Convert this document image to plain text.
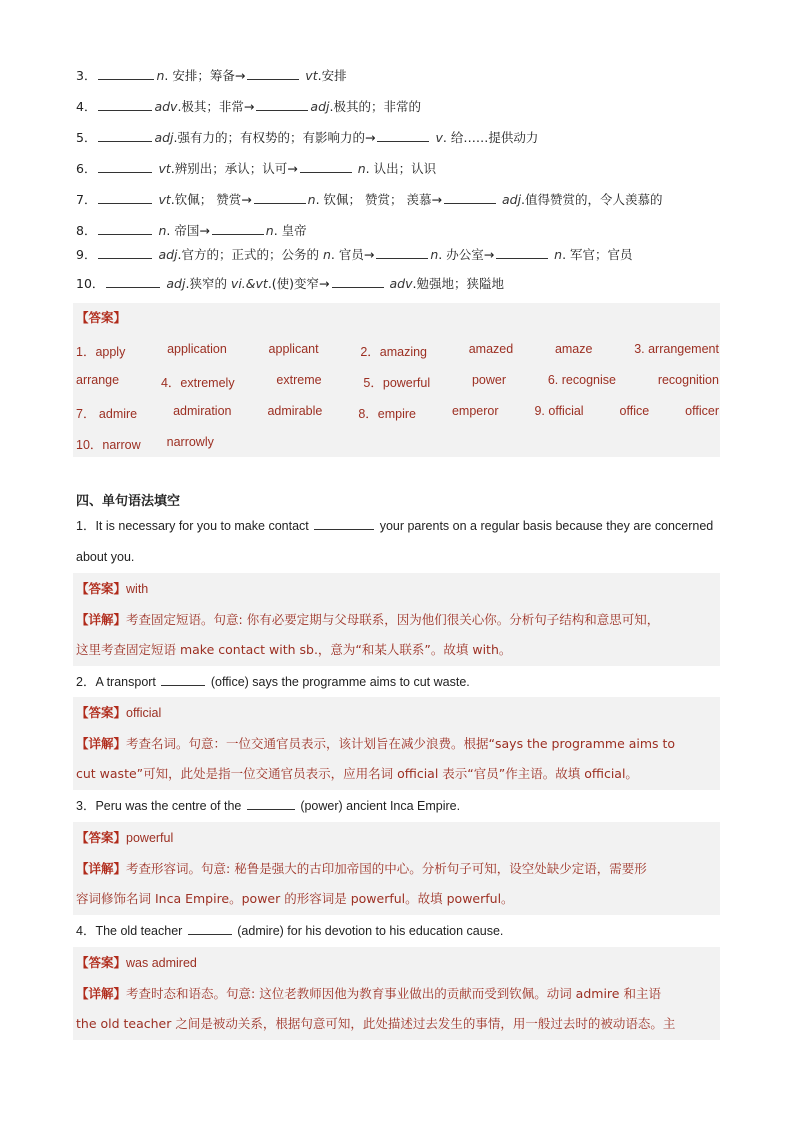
3．	n. 安排；筹备→	vt.安排
4．	adv.极其；非常→	adj.极其的；非常的
5．	adj.强有力的；有权势的；有影响力的→	v. 给……提供动力
6．	vt.辨别出；承认；认可→	n. 认出；认识
7．	vt.钦佩； 赞赏→	n. 钦佩； 赞赏； 羡慕→	adj.值得赞赏的，令人羡慕的
8．	n. 帝国→	n. 皇帝
9．	adj.官方的；正式的；公务的 n. 官员→	n. 办公室→	n. 军官；官员
10．	adj.狭窄的 vi.&vt.(使)变窄→	adv.勉强地；狭隘地
【答案】
1．apply	application	applicant	2．amazing	amazed	amaze	3. arrangement
arrange	4．extremely	extreme	5．powerful	power	6. recognise	recognition
7． admire	admiration	admirable	8．empire	emperor	9. official	office	officer
10．narrow narrowly
四、单句语法填空
1．It is necessary for you to make contact	your parents on a regular basis because they are concerned
about you.
【答案】with
【详解】考查固定短语。句意: 你有必要定期与父母联系，因为他们很关心你。分析句子结构和意思可知，
这里考查固定短语 make contact with sb.，意为“和某人联系”。故填 with。
2．A transport	(office) says the programme aims to cut waste.
【答案】official
【详解】考查名词。句意：一位交通官员表示，该计划旨在减少浪费。根据“says the programme aims to
cut waste”可知，此处是指一位交通官员表示，应用名词 official 表示“官员”作主语。故填 official。
3．Peru was the centre of the	(power) ancient Inca Empire.
【答案】powerful
【详解】考查形容词。句意: 秘鲁是强大的古印加帝国的中心。分析句子可知，设空处缺少定语，需要形
容词修饰名词 Inca Empire。power 的形容词是 powerful。故填 powerful。
4．The old teacher	(admire) for his devotion to his education cause.
【答案】was admired
【详解】考查时态和语态。句意: 这位老教师因他为教育事业做出的贡献而受到钦佩。动词 admire 和主语
the old teacher 之间是被动关系，根据句意可知，此处描述过去发生的事情，用一般过去时的被动语态。主
